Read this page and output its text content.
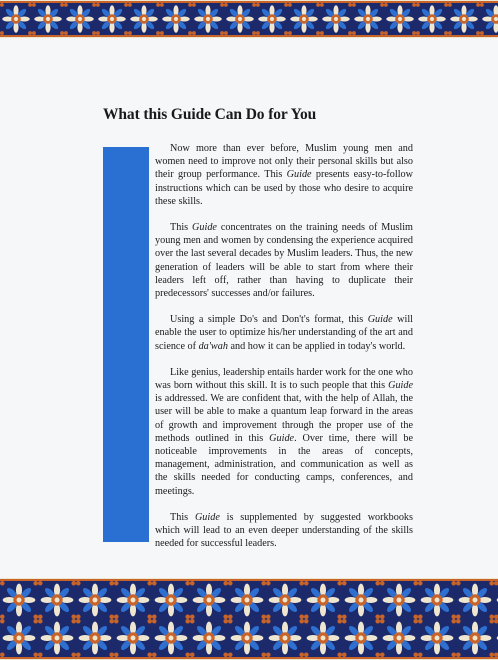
What this Guide Can Do for You

Now more than ever before, Muslim young men and women need to improve not only their personal skills but also their group performance. This Guide presents easy-to-follow instructions which can be used by those who desire to acquire these skills.

This Guide concentrates on the training needs of Muslim young men and women by condensing the experience acquired over the last several decades by Muslim leaders. Thus, the new generation of leaders will be able to start from where their leaders left off, rather than having to duplicate their predecessors' successes and/or failures.

Using a simple Do's and Don't's format, this Guide will enable the user to optimize his/her understanding of the art and science of da'wah and how it can be applied in today's world.

Like genius, leadership entails harder work for the one who was born without this skill. It is to such people that this Guide is addressed. We are confident that, with the help of Allah, the user will be able to make a quantum leap forward in the areas of growth and improvement through the proper use of the methods outlined in this Guide. Over time, there will be noticeable improvements in the areas of concepts, management, administration, and communication as well as the skills needed for conducting camps, conferences, and meetings.

This Guide is supplemented by suggested workbooks which will lead to an even deeper understanding of the skills needed for successful leaders.
